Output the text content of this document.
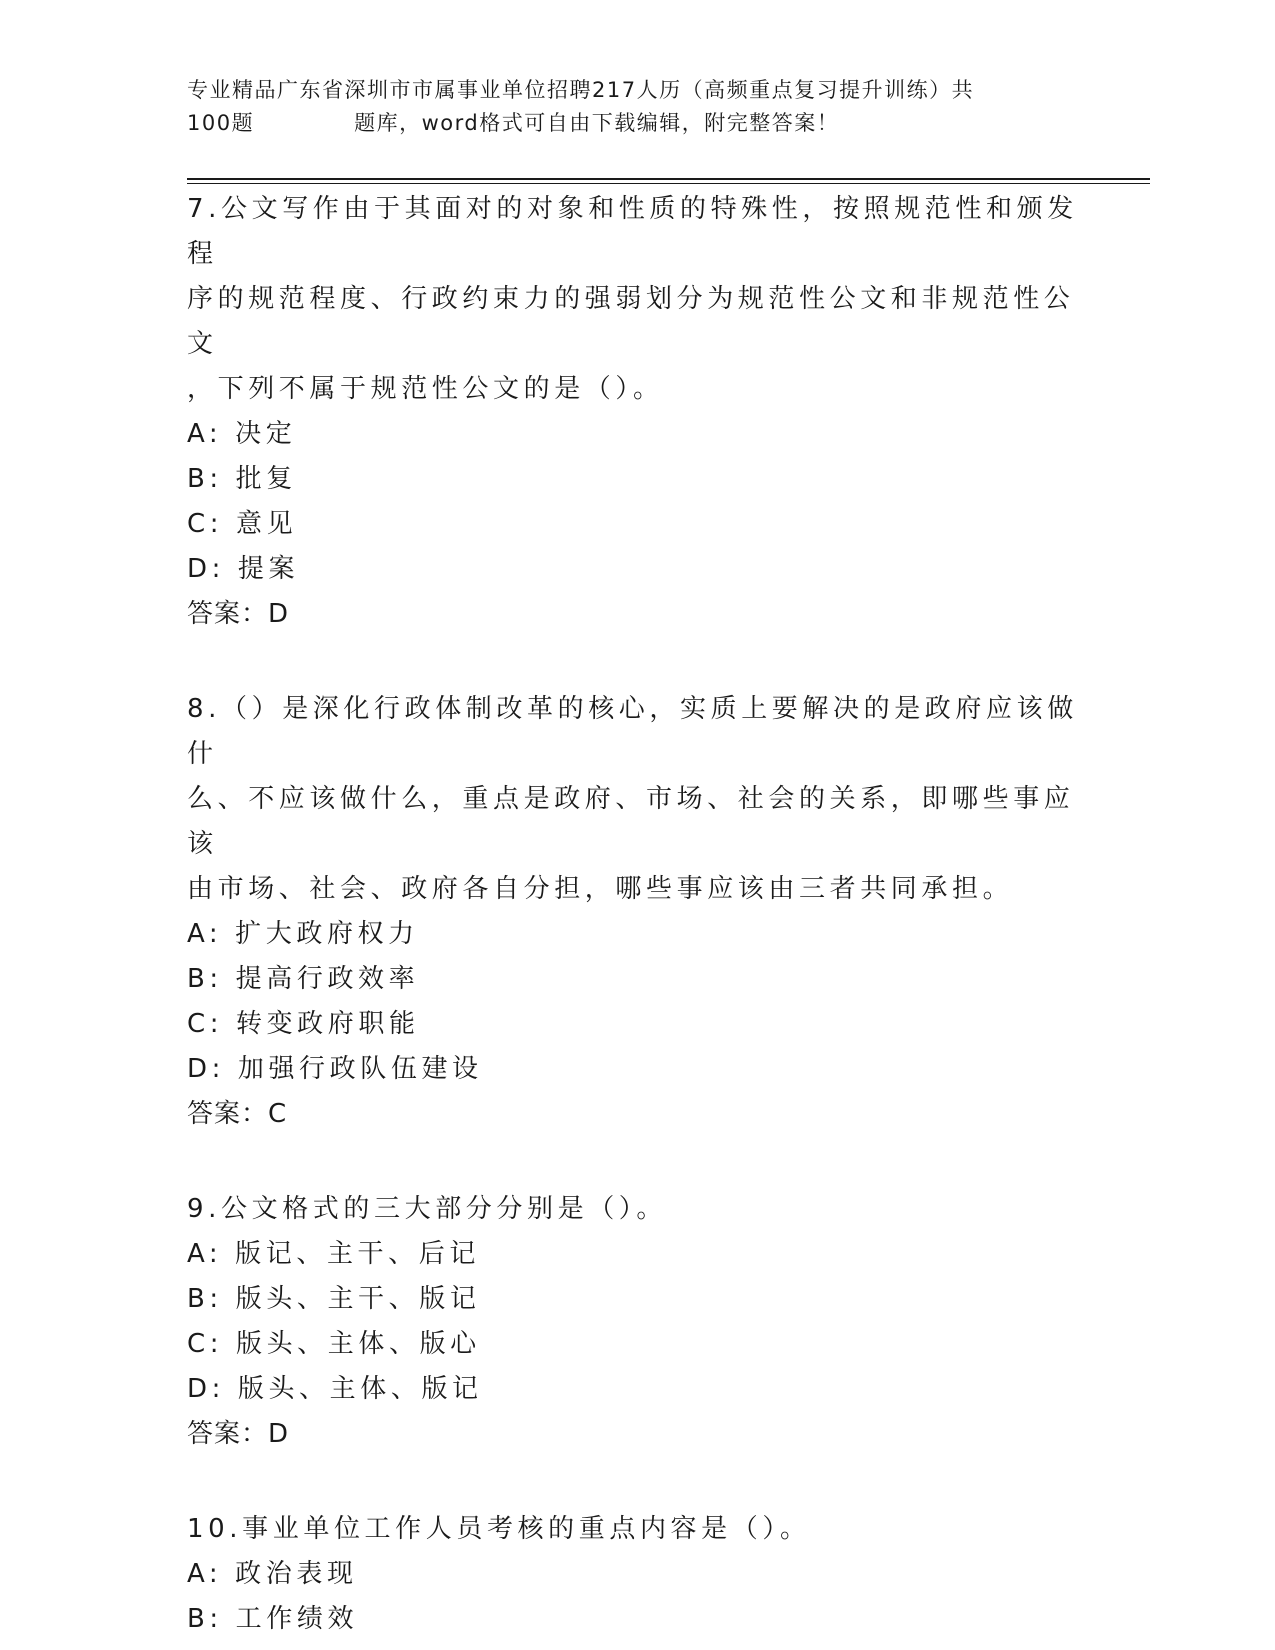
专业精品广东省深圳市市属事业单位招聘217人历（高频重点复习提升训练）共
100题	题库，word格式可自由下载编辑，附完整答案！
7.公文写作由于其面对的对象和性质的特殊性，按照规范性和颁发程
序的规范程度、行政约束力的强弱划分为规范性公文和非规范性公文
，下列不属于规范性公文的是（）。
A: 决定
B: 批复
C: 意见
D: 提案
答案：D
8.（）是深化行政体制改革的核心，实质上要解决的是政府应该做什
么、不应该做什么，重点是政府、市场、社会的关系，即哪些事应该
由市场、社会、政府各自分担，哪些事应该由三者共同承担。
A: 扩大政府权力
B: 提高行政效率
C: 转变政府职能
D: 加强行政队伍建设
答案：C
9.公文格式的三大部分分别是（）。
A: 版记、主干、后记
B: 版头、主干、版记
C: 版头、主体、版心
D: 版头、主体、版记
答案：D
10.事业单位工作人员考核的重点内容是（）。
A: 政治表现
B: 工作绩效
